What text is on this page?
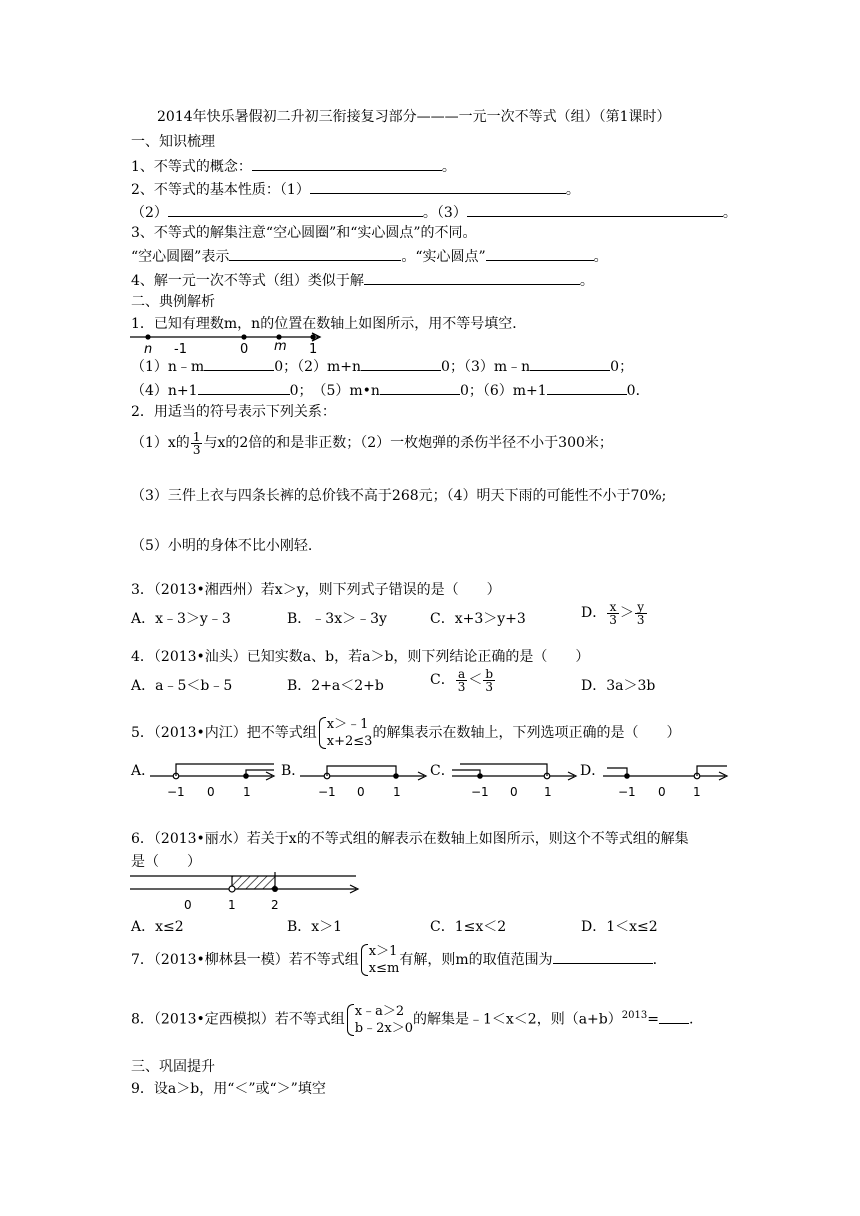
2014年快乐暑假初二升初三衔接复习部分———一元一次不等式（组）（第1课时）
一、知识梳理
1、不等式的概念：	。
2、不等式的基本性质：（1）	。
（2）	。（3）	。
3、不等式的解集注意“空心圆圈”和“实心圆点”的不同。
“空心圆圈”表示	。“实心圆点”	。
4、解一元一次不等式（组）类似于解	。
二、典例解析
1．已知有理数m，n的位置在数轴上如图所示，用不等号填空．
n -1	0 m 1
（1）n﹣m	0；（2）m+n	0；（3）m﹣n	0；
（4）n+1	0；　（5）m•n	0；（6）m+1	0．
2．用适当的符号表示下列关系：
（1）x的 $\frac{1}{3}$ 与x的2倍的和是非正数；（2）一枚炮弹的杀伤半径不小于300米；
（3）三件上衣与四条长裤的总价钱不高于268元；（4）明天下雨的可能性不小于70%;
（5）小明的身体不比小刚轻.
3．（2013•湘西州）若x＞y，则下列式子错误的是（　　）
A．x﹣3＞y﹣3	B．﹣3x＞﹣3y	C．x+3＞y+3	D． $\frac{x}{3} > \frac{y}{3}$
4．（2013•汕头）已知实数a、b，若a＞b，则下列结论正确的是（　　）
A．a﹣5＜b﹣5	B．2+a＜2+b	C． $\frac{a}{3} < \frac{b}{3}$	D．3a＞3b
5．（2013•内江）把不等式组
x＞﹣1
x+2≤3
的解集表示在数轴上，下列选项正确的是（　　）
A．	B．	C．	D．
−1 0 1	−1 0 1	−1 0 1	−1 0 1
6．（2013•丽水）若关于x的不等式组的解表示在数轴上如图所示，则这个不等式组的解集
是（　　）
0	1	2
A．x≤2	B．x＞1	C．1≤x＜2	D．1＜x≤2
7．（2013•柳林县一模）若不等式组
x＞1
x≤m
有解，则m的取值范围为	.
8．（2013•定西模拟）若不等式组
x﹣a＞2
b﹣2x＞0
的解集是﹣1＜x＜2，则$(a+b)^{2013}=$ .
三、巩固提升
9．设a＞b，用“＜”或“＞”填空
